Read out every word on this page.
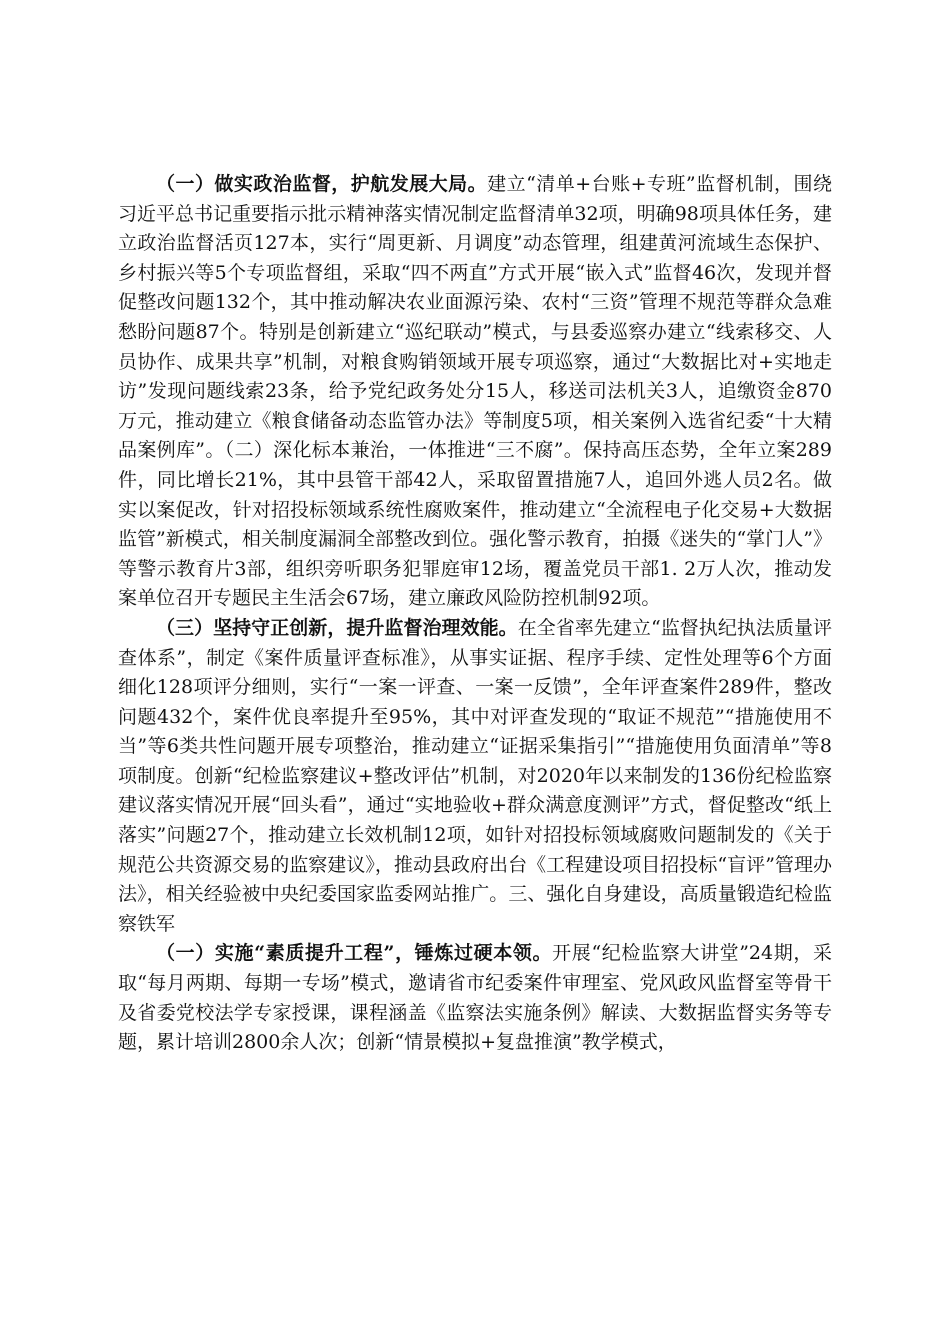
（一）做实政治监督，护航发展大局。建立“清单+台账+专班”监督机制，围绕习近平总书记重要指示批示精神落实情况制定监督清单32项，明确98项具体任务，建立政治监督活页127本，实行“周更新、月调度”动态管理，组建黄河流域生态保护、乡村振兴等5个专项监督组，采取“四不两直”方式开展“嵌入式”监督46次，发现并督促整改问题132个，其中推动解决农业面源污染、农村“三资”管理不规范等群众急难愁盼问题87个。特别是创新建立“巡纪联动”模式，与县委巡察办建立“线索移交、人员协作、成果共享”机制，对粮食购销领域开展专项巡察，通过“大数据比对+实地走访”发现问题线索23条，给予党纪政务处分15人，移送司法机关3人，追缴资金870万元，推动建立《粮食储备动态监管办法》等制度5项，相关案例入选省纪委“十大精品案例库”。（二）深化标本兼治，一体推进“三不腐”。保持高压态势，全年立案289件，同比增长21%，其中县管干部42人，采取留置措施7人，追回外逃人员2名。做实以案促改，针对招投标领域系统性腐败案件，推动建立“全流程电子化交易+大数据监管”新模式，相关制度漏洞全部整改到位。强化警示教育，拍摄《迷失的“掌门人”》等警示教育片3部，组织旁听职务犯罪庭审12场，覆盖党员干部1. 2万人次，推动发案单位召开专题民主生活会67场，建立廉政风险防控机制92项。

（三）坚持守正创新，提升监督治理效能。在全省率先建立“监督执纪执法质量评查体系”，制定《案件质量评查标准》，从事实证据、程序手续、定性处理等6个方面细化128项评分细则，实行“一案一评查、一案一反馈”，全年评查案件289件，整改问题432个，案件优良率提升至95%，其中对评查发现的“取证不规范”“措施使用不当”等6类共性问题开展专项整治，推动建立“证据采集指引”“措施使用负面清单”等8项制度。创新“纪检监察建议+整改评估”机制，对2020年以来制发的136份纪检监察建议落实情况开展“回头看”，通过“实地验收+群众满意度测评”方式，督促整改“纸上落实”问题27个，推动建立长效机制12项，如针对招投标领域腐败问题制发的《关于规范公共资源交易的监察建议》，推动县政府出台《工程建设项目招投标“盲评”管理办法》，相关经验被中央纪委国家监委网站推广。三、强化自身建设，高质量锻造纪检监察铁军

（一）实施“素质提升工程”，锤炼过硬本领。开展“纪检监察大讲堂”24期，采取“每月两期、每期一专场”模式，邀请省市纪委案件审理室、党风政风监督室等骨干及省委党校法学专家授课，课程涵盖《监察法实施条例》解读、大数据监督实务等专题，累计培训2800余人次；创新“情景模拟+复盘推演”教学模式，
